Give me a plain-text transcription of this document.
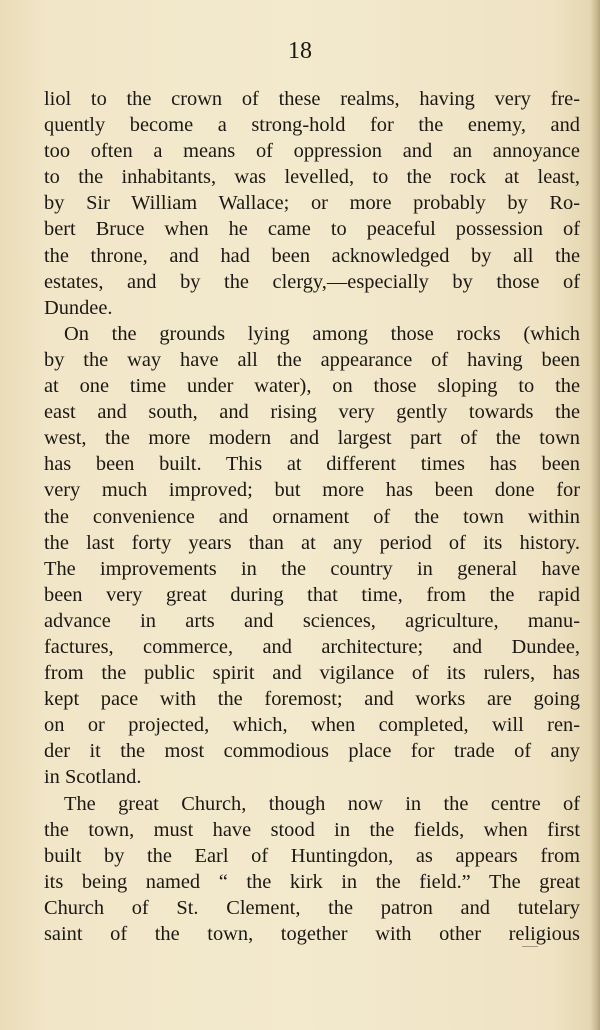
18
liol to the crown of these realms, having very fre-
quently become a strong-hold for the enemy, and
too often a means of oppression and an annoyance
to the inhabitants, was levelled, to the rock at least,
by Sir William Wallace; or more probably by Ro-
bert Bruce when he came to peaceful possession of
the throne, and had been acknowledged by all the
estates, and by the clergy,—especially by those of
Dundee.
On the grounds lying among those rocks (which
by the way have all the appearance of having been
at one time under water), on those sloping to the
east and south, and rising very gently towards the
west, the more modern and largest part of the town
has been built. This at different times has been
very much improved; but more has been done for
the convenience and ornament of the town within
the last forty years than at any period of its history.
The improvements in the country in general have
been very great during that time, from the rapid
advance in arts and sciences, agriculture, manu-
factures, commerce, and architecture; and Dundee,
from the public spirit and vigilance of its rulers, has
kept pace with the foremost; and works are going
on or projected, which, when completed, will ren-
der it the most commodious place for trade of any
in Scotland.
The great Church, though now in the centre of
the town, must have stood in the fields, when first
built by the Earl of Huntingdon, as appears from
its being named “ the kirk in the field.” The great
Church of St. Clement, the patron and tutelary
saint of the town, together with other religious
